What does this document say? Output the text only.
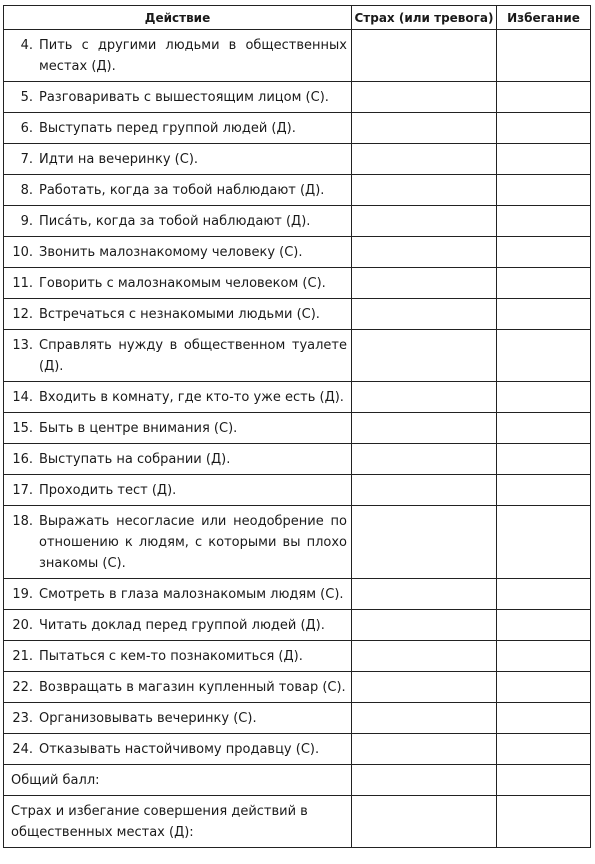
Действие	Страх (или тревога)	Избегание

4. Пить с другими людьми в общественных местах (Д).		

5. Разговаривать с вышестоящим лицом (С).		

6. Выступать перед группой людей (Д).		

7. Идти на вечеринку (С).		

8. Работать, когда за тобой наблюдают (Д).		

9. Писа́ть, когда за тобой наблюдают (Д).		

10. Звонить малознакомому человеку (С).		

11. Говорить с малознакомым человеком (С).		

12. Встречаться с незнакомыми людьми (С).		

13. Справлять нужду в общественном туалете (Д).		

14. Входить в комнату, где кто-то уже есть (Д).		

15. Быть в центре внимания (С).		

16. Выступать на собрании (Д).		

17. Проходить тест (Д).		

18. Выражать несогласие или неодобрение по отношению к людям, с которыми вы плохо знакомы (С).		

19. Смотреть в глаза малознакомым людям (С).		

20. Читать доклад перед группой людей (Д).		

21. Пытаться с кем-то познакомиться (Д).		

22. Возвращать в магазин купленный товар (С).		

23. Организовывать вечеринку (С).		

24. Отказывать настойчивому продавцу (С).		

Общий балл:		
Страх и избегание совершения действий в общественных местах (Д):		
